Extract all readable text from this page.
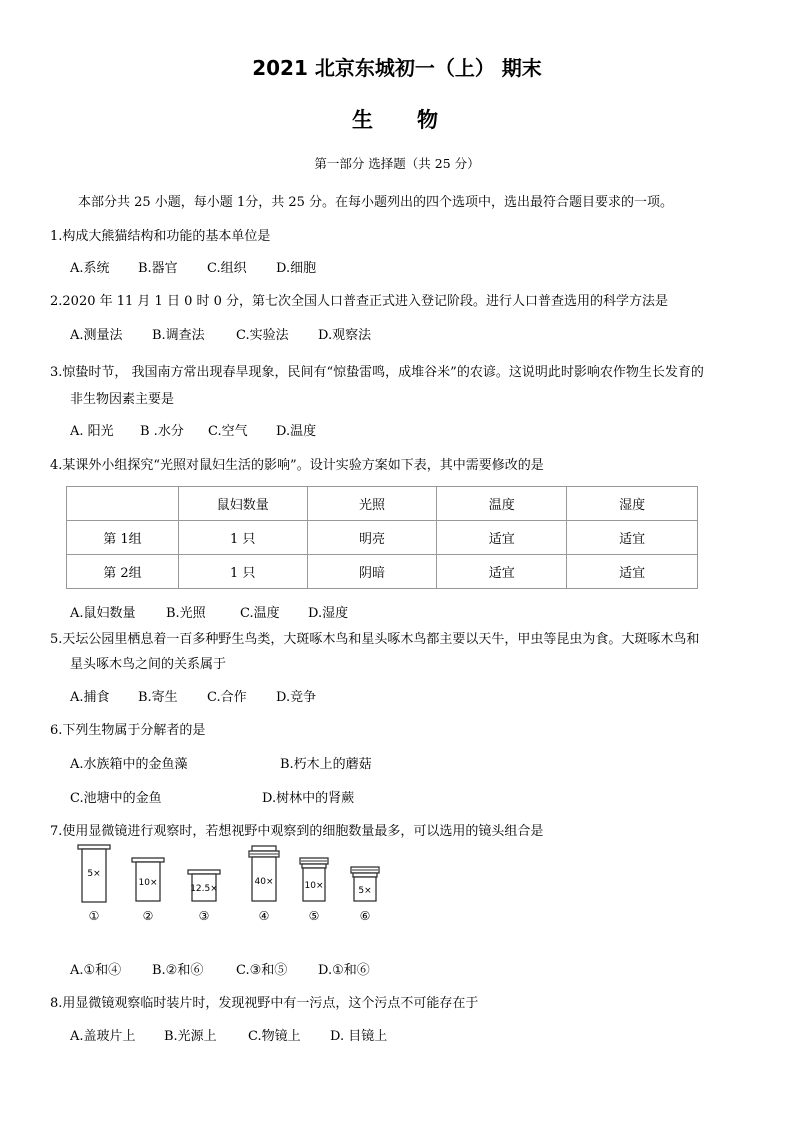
2021 北京东城初一（上） 期末
生物
第一部分 选择题（共 25 分）
本部分共 25 小题，每小题 1分，共 25 分。在每小题列出的四个选项中，选出最符合题目要求的一项。
1.构成大熊猫结构和功能的基本单位是
A.系统 B.器官 C.组织 D.细胞
2.2020 年 11 月 1 日 0 时 0 分，第七次全国人口普查正式进入登记阶段。进行人口普查选用的科学方法是
A.测量法 B.调查法 C.实验法 D.观察法
3.惊蛰时节， 我国南方常出现春旱现象，民间有“惊蛰雷鸣，成堆谷米”的农谚。这说明此时影响农作物生长发育的
非生物因素主要是
A. 阳光 B .水分 C.空气 D.温度
4.某课外小组探究“光照对鼠妇生活的影响”。设计实验方案如下表，其中需要修改的是
	鼠妇数量	光照	温度	湿度
第 1组	1 只	明亮	适宜	适宜
第 2组	1 只	阴暗	适宜	适宜
A.鼠妇数量 B.光照	C.温度 D.湿度
5.天坛公园里栖息着一百多种野生鸟类，大斑啄木鸟和星头啄木鸟都主要以天牛，甲虫等昆虫为食。大斑啄木鸟和
星头啄木鸟之间的关系属于
A.捕食 B.寄生 C.合作 D.竞争
6.下列生物属于分解者的是
A.水族箱中的金鱼藻	B.朽木上的蘑菇
C.池塘中的金鱼	D.树林中的肾蕨
7.使用显微镜进行观察时，若想视野中观察到的细胞数量最多，可以选用的镜头组合是
5×
①
10×
②
12.5×
③
40×
④
10×
⑤
5×
⑥
A.①和④ B.②和⑥	C.③和⑤ D.①和⑥
8.用显微镜观察临时装片时，发现视野中有一污点，这个污点不可能存在于
A.盖玻片上 B.光源上 C.物镜上 D. 目镜上
